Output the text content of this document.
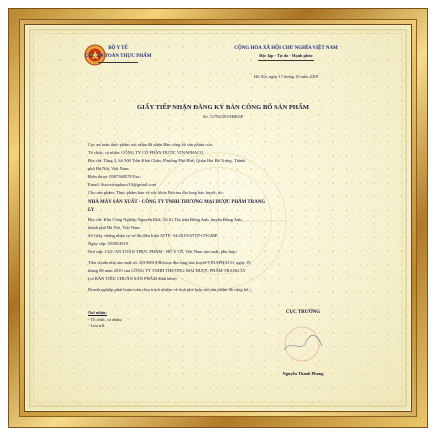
BỘ Y TẾ
CỤC AN TOÀN THỰC PHẨM
CỘNG HÒA XÃ HỘI CHỦ NGHĨA VIỆT NAM
Độc lập - Tự do - Hạnh phúc
Hà Nội, ngày 17 tháng 10 năm 2019
GIẤY TIẾP NHẬN ĐĂNG KÝ BẢN CÔNG BỐ SẢN PHẨM
Số: 11792/2019/ĐKSP
Cục an toàn thực phẩm xác nhận đã nhận Bản công bố sản phẩm của:
Tổ chức, cá nhân: CÔNG TY CỔ PHẦN DƯỢC VINAPHACO
Địa chỉ: Tầng 2, Số 500 Trần Khát Chân, Phường Phố Huế, Quận Hai Bà Trưng, Thành
phố Hà Nội, Việt Nam
Điện thoại: 0907368578 Fax:
Email: duocvinaphaco19@gmail.com
Cho sản phẩm: Thực phẩm bảo vệ sức khỏe Bricina địa long bảo huyết; do:
NHÀ MÁY SẢN XUẤT - CÔNG TY TNHH THƯƠNG MẠI DƯỢC PHẨM TRANG
LY
Địa chỉ: Khu Công Nghiệp Nguyên Khê, Tổ 61 Thị trấn Đông Anh, huyện Đông Anh,
thành phố Hà Nội, Việt Nam
Số Giấy chứng nhận cơ sở đủ điều kiện ATTP: 54/2019/ATTP-CNGMP
Ngày cấp: 05/08/2019
Nơi cấp: CỤC AN TOÀN THỰC PHẨM - BỘ Y TẾ, Việt Nam sản xuất, phù hợp:
Tiêu chuẩn nhà sản xuất số: 20190819/Bricina địa long bảo huyết/VINAPHACO, ngày 19
tháng 08 năm 2019 của CÔNG TY TNHH THƯƠNG MẠI DƯỢC PHẨM TRANG LY
(có BẢN TIÊU CHUẨN SẢN PHẨM đính kèm)
Doanh nghiệp phải hoàn toàn chịu trách nhiệm về tính phù hợp của sản phẩm đã công bố./.
Nơi nhận:
- Tổ chức, cá nhân;
- Lưu trữ.
CỤC TRƯỞNG
Nguyễn Thanh Phong
